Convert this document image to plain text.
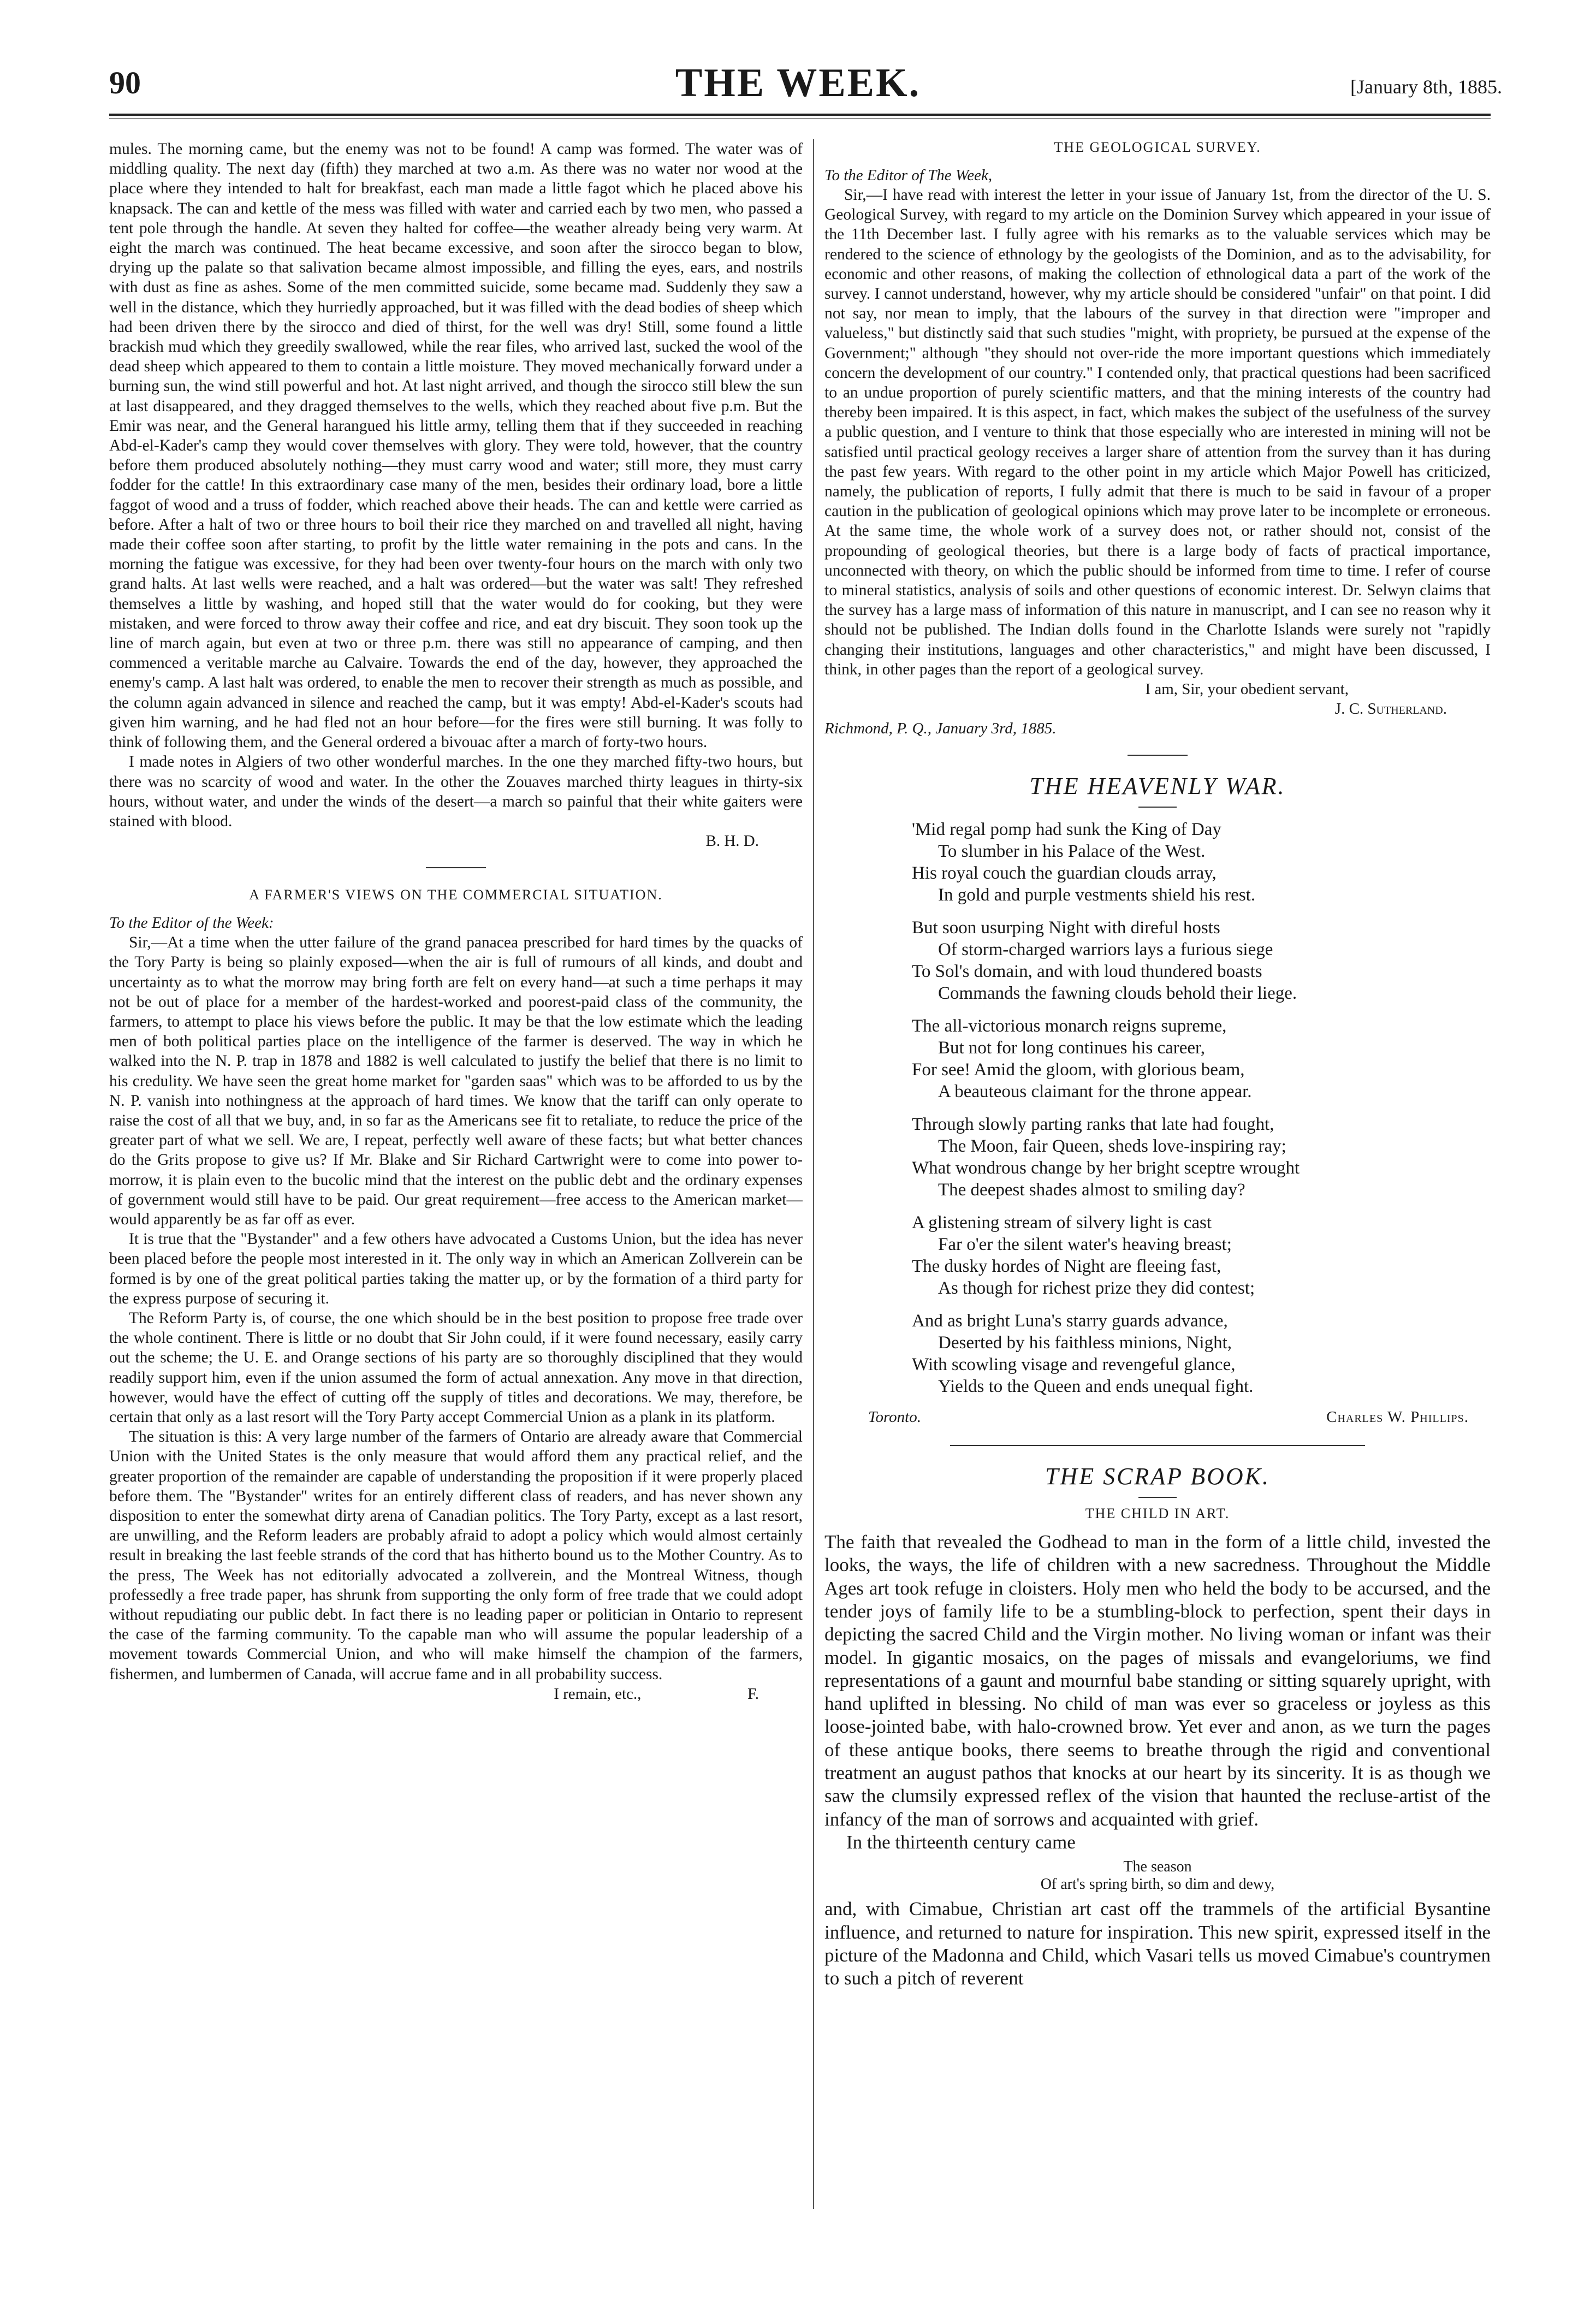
90	THE WEEK.	[January 8th, 1885.

mules. The morning came, but the enemy was not to be found! A camp was formed. The water was of middling quality. The next day (fifth) they marched at two a.m. As there was no water nor wood at the place where they intended to halt for breakfast, each man made a little fagot which he placed above his knapsack. The can and kettle of the mess was filled with water and carried each by two men, who passed a tent pole through the handle. At seven they halted for coffee—the weather already being very warm. At eight the march was continued. The heat became excessive, and soon after the sirocco began to blow, drying up the palate so that salivation became almost impossible, and filling the eyes, ears, and nostrils with dust as fine as ashes. Some of the men committed suicide, some became mad. Suddenly they saw a well in the distance, which they hurriedly approached, but it was filled with the dead bodies of sheep which had been driven there by the sirocco and died of thirst, for the well was dry! Still, some found a little brackish mud which they greedily swallowed, while the rear files, who arrived last, sucked the wool of the dead sheep which appeared to them to contain a little moisture. They moved mechanically forward under a burning sun, the wind still powerful and hot. At last night arrived, and though the sirocco still blew the sun at last disappeared, and they dragged themselves to the wells, which they reached about five p.m. But the Emir was near, and the General harangued his little army, telling them that if they succeeded in reaching Abd-el-Kader's camp they would cover themselves with glory. They were told, however, that the country before them produced absolutely nothing—they must carry wood and water; still more, they must carry fodder for the cattle! In this extraordinary case many of the men, besides their ordinary load, bore a little faggot of wood and a truss of fodder, which reached above their heads. The can and kettle were carried as before. After a halt of two or three hours to boil their rice they marched on and travelled all night, having made their coffee soon after starting, to profit by the little water remaining in the pots and cans. In the morning the fatigue was excessive, for they had been over twenty-four hours on the march with only two grand halts. At last wells were reached, and a halt was ordered—but the water was salt! They refreshed themselves a little by washing, and hoped still that the water would do for cooking, but they were mistaken, and were forced to throw away their coffee and rice, and eat dry biscuit. They soon took up the line of march again, but even at two or three p.m. there was still no appearance of camping, and then commenced a veritable marche au Calvaire. Towards the end of the day, however, they approached the enemy's camp. A last halt was ordered, to enable the men to recover their strength as much as possible, and the column again advanced in silence and reached the camp, but it was empty! Abd-el-Kader's scouts had given him warning, and he had fled not an hour before—for the fires were still burning. It was folly to think of following them, and the General ordered a bivouac after a march of forty-two hours.

I made notes in Algiers of two other wonderful marches. In the one they marched fifty-two hours, but there was no scarcity of wood and water. In the other the Zouaves marched thirty leagues in thirty-six hours, without water, and under the winds of the desert—a march so painful that their white gaiters were stained with blood.

B. H. D.
A FARMER'S VIEWS ON THE COMMERCIAL SITUATION.
To the Editor of the Week:

Sir,—At a time when the utter failure of the grand panacea prescribed for hard times by the quacks of the Tory Party is being so plainly exposed—when the air is full of rumours of all kinds, and doubt and uncertainty as to what the morrow may bring forth are felt on every hand—at such a time perhaps it may not be out of place for a member of the hardest-worked and poorest-paid class of the community, the farmers, to attempt to place his views before the public. It may be that the low estimate which the leading men of both political parties place on the intelligence of the farmer is deserved. The way in which he walked into the N. P. trap in 1878 and 1882 is well calculated to justify the belief that there is no limit to his credulity. We have seen the great home market for "garden saas" which was to be afforded to us by the N. P. vanish into nothingness at the approach of hard times. We know that the tariff can only operate to raise the cost of all that we buy, and, in so far as the Americans see fit to retaliate, to reduce the price of the greater part of what we sell. We are, I repeat, perfectly well aware of these facts; but what better chances do the Grits propose to give us? If Mr. Blake and Sir Richard Cartwright were to come into power to-morrow, it is plain even to the bucolic mind that the interest on the public debt and the ordinary expenses of government would still have to be paid. Our great requirement—free access to the American market—would apparently be as far off as ever.

It is true that the "Bystander" and a few others have advocated a Customs Union, but the idea has never been placed before the people most interested in it. The only way in which an American Zollverein can be formed is by one of the great political parties taking the matter up, or by the formation of a third party for the express purpose of securing it.

The Reform Party is, of course, the one which should be in the best position to propose free trade over the whole continent. There is little or no doubt that Sir John could, if it were found necessary, easily carry out the scheme; the U. E. and Orange sections of his party are so thoroughly disciplined that they would readily support him, even if the union assumed the form of actual annexation. Any move in that direction, however, would have the effect of cutting off the supply of titles and decorations. We may, therefore, be certain that only as a last resort will the Tory Party accept Commercial Union as a plank in its platform.

The situation is this: A very large number of the farmers of Ontario are already aware that Commercial Union with the United States is the only measure that would afford them any practical relief, and the greater proportion of the remainder are capable of understanding the proposition if it were properly placed before them. The "Bystander" writes for an entirely different class of readers, and has never shown any disposition to enter the somewhat dirty arena of Canadian politics. The Tory Party, except as a last resort, are unwilling, and the Reform leaders are probably afraid to adopt a policy which would almost certainly result in breaking the last feeble strands of the cord that has hitherto bound us to the Mother Country. As to the press, The Week has not editorially advocated a zollverein, and the Montreal Witness, though professedly a free trade paper, has shrunk from supporting the only form of free trade that we could adopt without repudiating our public debt. In fact there is no leading paper or politician in Ontario to represent the case of the farming community. To the capable man who will assume the popular leadership of a movement towards Commercial Union, and who will make himself the champion of the farmers, fishermen, and lumbermen of Canada, will accrue fame and in all probability success.

I remain, etc.,	F.
THE GEOLOGICAL SURVEY.
To the Editor of The Week,

Sir,—I have read with interest the letter in your issue of January 1st, from the director of the U. S. Geological Survey, with regard to my article on the Dominion Survey which appeared in your issue of the 11th December last. I fully agree with his remarks as to the valuable services which may be rendered to the science of ethnology by the geologists of the Dominion, and as to the advisability, for economic and other reasons, of making the collection of ethnological data a part of the work of the survey. I cannot understand, however, why my article should be considered "unfair" on that point. I did not say, nor mean to imply, that the labours of the survey in that direction were "improper and valueless," but distinctly said that such studies "might, with propriety, be pursued at the expense of the Government;" although "they should not over-ride the more important questions which immediately concern the development of our country." I contended only, that practical questions had been sacrificed to an undue proportion of purely scientific matters, and that the mining interests of the country had thereby been impaired. It is this aspect, in fact, which makes the subject of the usefulness of the survey a public question, and I venture to think that those especially who are interested in mining will not be satisfied until practical geology receives a larger share of attention from the survey than it has during the past few years. With regard to the other point in my article which Major Powell has criticized, namely, the publication of reports, I fully admit that there is much to be said in favour of a proper caution in the publication of geological opinions which may prove later to be incomplete or erroneous. At the same time, the whole work of a survey does not, or rather should not, consist of the propounding of geological theories, but there is a large body of facts of practical importance, unconnected with theory, on which the public should be informed from time to time. I refer of course to mineral statistics, analysis of soils and other questions of economic interest. Dr. Selwyn claims that the survey has a large mass of information of this nature in manuscript, and I can see no reason why it should not be published. The Indian dolls found in the Charlotte Islands were surely not "rapidly changing their institutions, languages and other characteristics," and might have been discussed, I think, in other pages than the report of a geological survey.

I am, Sir, your obedient servant,
J. C. Sutherland.
Richmond, P. Q., January 3rd, 1885.
THE HEAVENLY WAR.
'Mid regal pomp had sunk the King of Day
To slumber in his Palace of the West.
His royal couch the guardian clouds array,
In gold and purple vestments shield his rest.
But soon usurping Night with direful hosts
Of storm-charged warriors lays a furious siege
To Sol's domain, and with loud thundered boasts
Commands the fawning clouds behold their liege.
The all-victorious monarch reigns supreme,
But not for long continues his career,
For see! Amid the gloom, with glorious beam,
A beauteous claimant for the throne appear.
Through slowly parting ranks that late had fought,
The Moon, fair Queen, sheds love-inspiring ray;
What wondrous change by her bright sceptre wrought
The deepest shades almost to smiling day?
A glistening stream of silvery light is cast
Far o'er the silent water's heaving breast;
The dusky hordes of Night are fleeing fast,
As though for richest prize they did contest;
And as bright Luna's starry guards advance,
Deserted by his faithless minions, Night,
With scowling visage and revengeful glance,
Yields to the Queen and ends unequal fight.
Toronto.	Charles W. Phillips.
THE SCRAP BOOK.
THE CHILD IN ART.

The faith that revealed the Godhead to man in the form of a little child, invested the looks, the ways, the life of children with a new sacredness. Throughout the Middle Ages art took refuge in cloisters. Holy men who held the body to be accursed, and the tender joys of family life to be a stumbling-block to perfection, spent their days in depicting the sacred Child and the Virgin mother. No living woman or infant was their model. In gigantic mosaics, on the pages of missals and evangeloriums, we find representations of a gaunt and mournful babe standing or sitting squarely upright, with hand uplifted in blessing. No child of man was ever so graceless or joyless as this loose-jointed babe, with halo-crowned brow. Yet ever and anon, as we turn the pages of these antique books, there seems to breathe through the rigid and conventional treatment an august pathos that knocks at our heart by its sincerity. It is as though we saw the clumsily expressed reflex of the vision that haunted the recluse-artist of the infancy of the man of sorrows and acquainted with grief.

In the thirteenth century came

The season
Of art's spring birth, so dim and dewy,

and, with Cimabue, Christian art cast off the trammels of the artificial Bysantine influence, and returned to nature for inspiration. This new spirit, expressed itself in the picture of the Madonna and Child, which Vasari tells us moved Cimabue's countrymen to such a pitch of reverent
